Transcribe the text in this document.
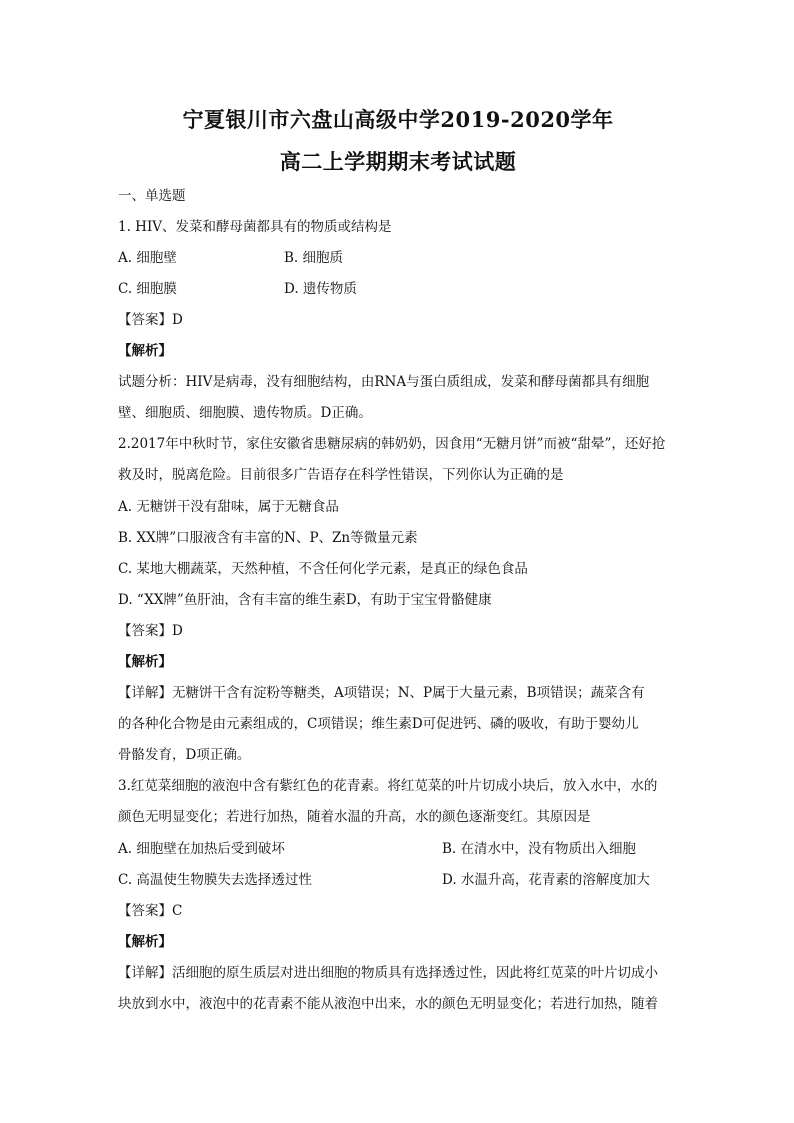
宁夏银川市六盘山高级中学2019-2020学年
高二上学期期末考试试题
一、单选题
1. HIV、发菜和酵母菌都具有的物质或结构是
A. 细胞壁	B. 细胞质
C. 细胞膜	D. 遗传物质
【答案】D
【解析】
试题分析：HIV是病毒，没有细胞结构，由RNA与蛋白质组成，发菜和酵母菌都具有细胞
壁、细胞质、细胞膜、遗传物质。D正确。
2.2017年中秋时节，家住安徽省患糖尿病的韩奶奶，因食用“无糖月饼”而被“甜晕”，还好抢
救及时，脱离危险。目前很多广告语存在科学性错误，下列你认为正确的是
A. 无糖饼干没有甜味，属于无糖食品
B. XX牌”口服液含有丰富的N、P、Zn等微量元素
C. 某地大棚蔬菜，天然种植，不含任何化学元素，是真正的绿色食品
D. “XX牌”鱼肝油，含有丰富的维生素D，有助于宝宝骨骼健康
【答案】D
【解析】
【详解】无糖饼干含有淀粉等糖类，A项错误；N、P属于大量元素，B项错误；蔬菜含有
的各种化合物是由元素组成的，C项错误；维生素D可促进钙、磷的吸收，有助于婴幼儿
骨骼发育，D项正确。
3.红苋菜细胞的液泡中含有紫红色的花青素。将红苋菜的叶片切成小块后，放入水中，水的
颜色无明显变化；若进行加热，随着水温的升高，水的颜色逐渐变红。其原因是
A. 细胞壁在加热后受到破坏	B. 在清水中，没有物质出入细胞
C. 高温使生物膜失去选择透过性	D. 水温升高，花青素的溶解度加大
【答案】C
【解析】
【详解】活细胞的原生质层对进出细胞的物质具有选择透过性，因此将红苋菜的叶片切成小
块放到水中，液泡中的花青素不能从液泡中出来，水的颜色无明显变化；若进行加热，随着
